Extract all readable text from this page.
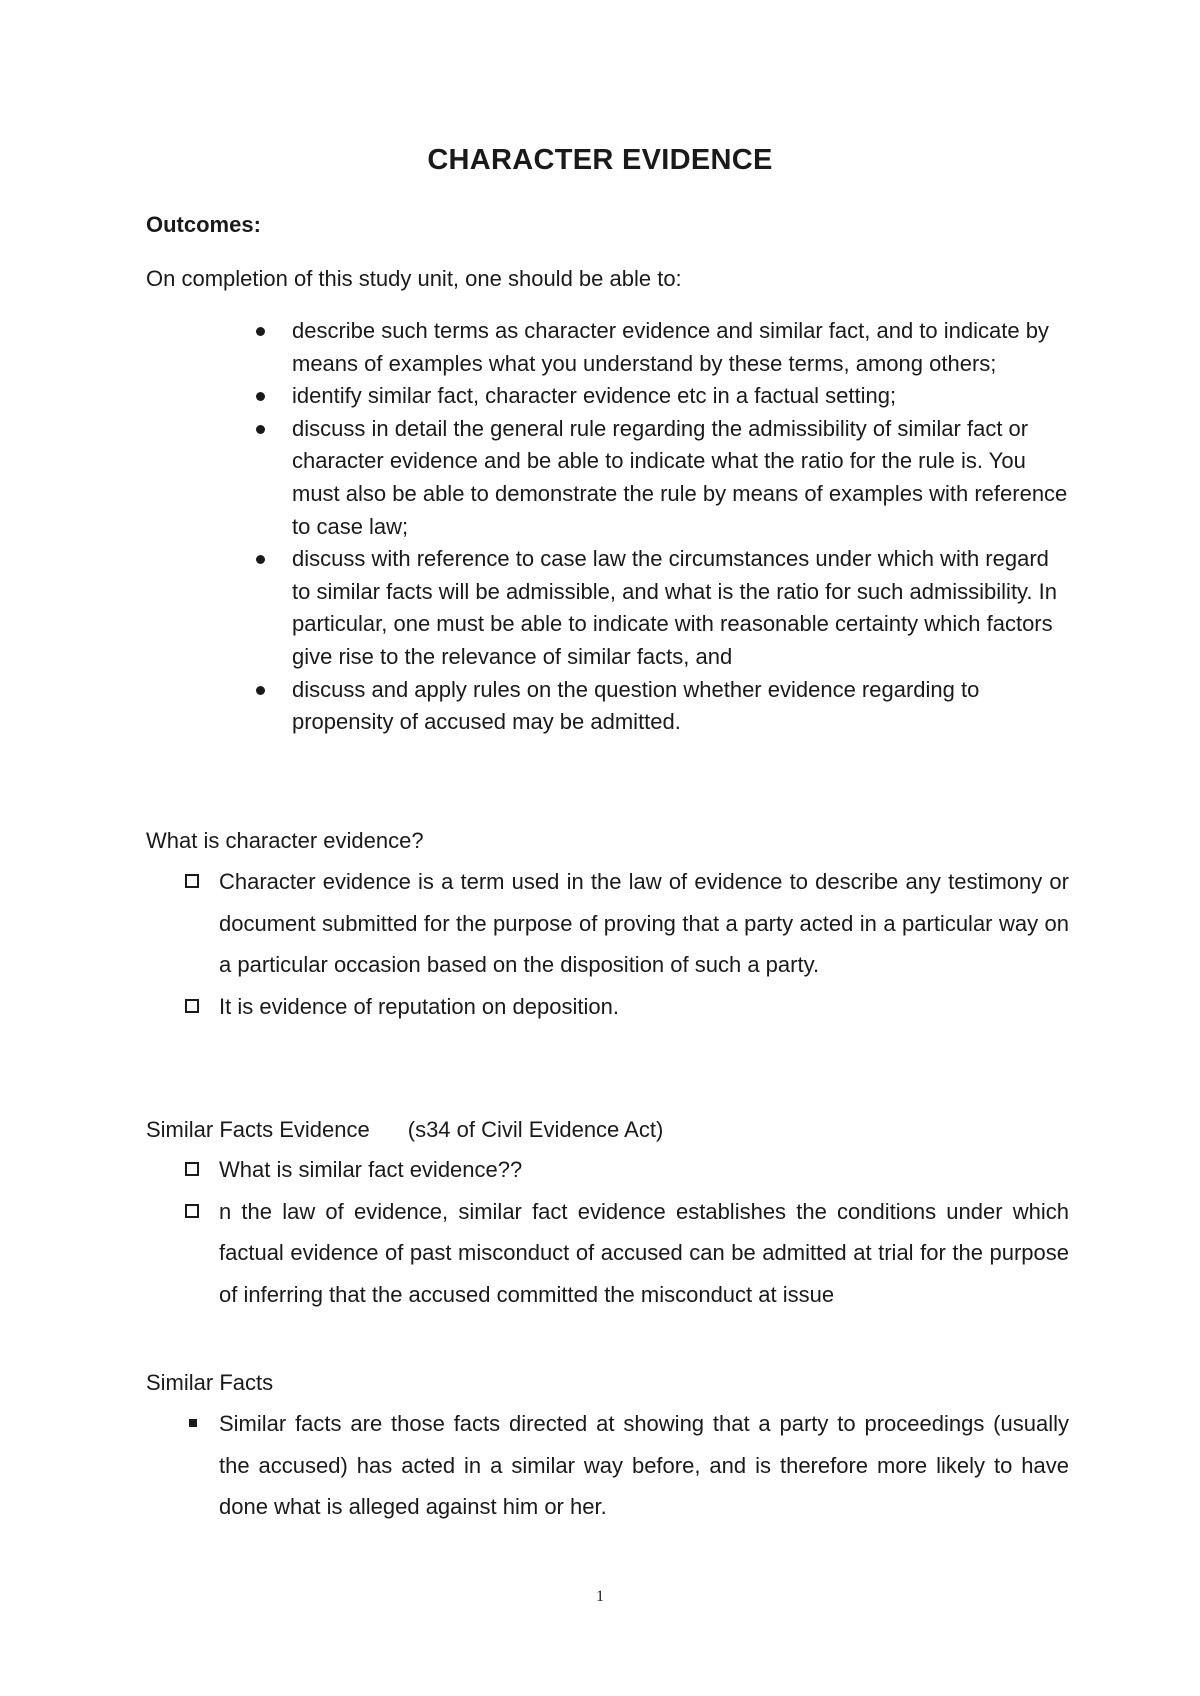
CHARACTER EVIDENCE
Outcomes:
On completion of this study unit, one should be able to:
describe such terms as character evidence and similar fact, and to indicate by means of examples what you understand by these terms, among others;
identify similar fact, character evidence etc in a factual setting;
discuss in detail the general rule regarding the admissibility of similar fact or character evidence and be able to indicate what the ratio for the rule is. You must also be able to demonstrate the rule by means of examples with reference to case law;
discuss with reference to case law the circumstances under which with regard to similar facts will be admissible, and what is the ratio for such admissibility. In particular, one must be able to indicate with reasonable certainty which factors give rise to the relevance of similar facts, and
discuss and apply rules on the question whether evidence regarding to propensity of accused may be admitted.
What is character evidence?
Character evidence is a term used in the law of evidence to describe any testimony or document submitted for the purpose of proving that a party acted in a particular way on a particular occasion based on the disposition of such a party.
It is evidence of reputation on deposition.
Similar Facts Evidence (s34 of Civil Evidence Act)
What is similar fact evidence??
n the law of evidence, similar fact evidence establishes the conditions under which factual evidence of past misconduct of accused can be admitted at trial for the purpose of inferring that the accused committed the misconduct at issue
Similar Facts
Similar facts are those facts directed at showing that a party to proceedings (usually the accused) has acted in a similar way before, and is therefore more likely to have done what is alleged against him or her.
1
